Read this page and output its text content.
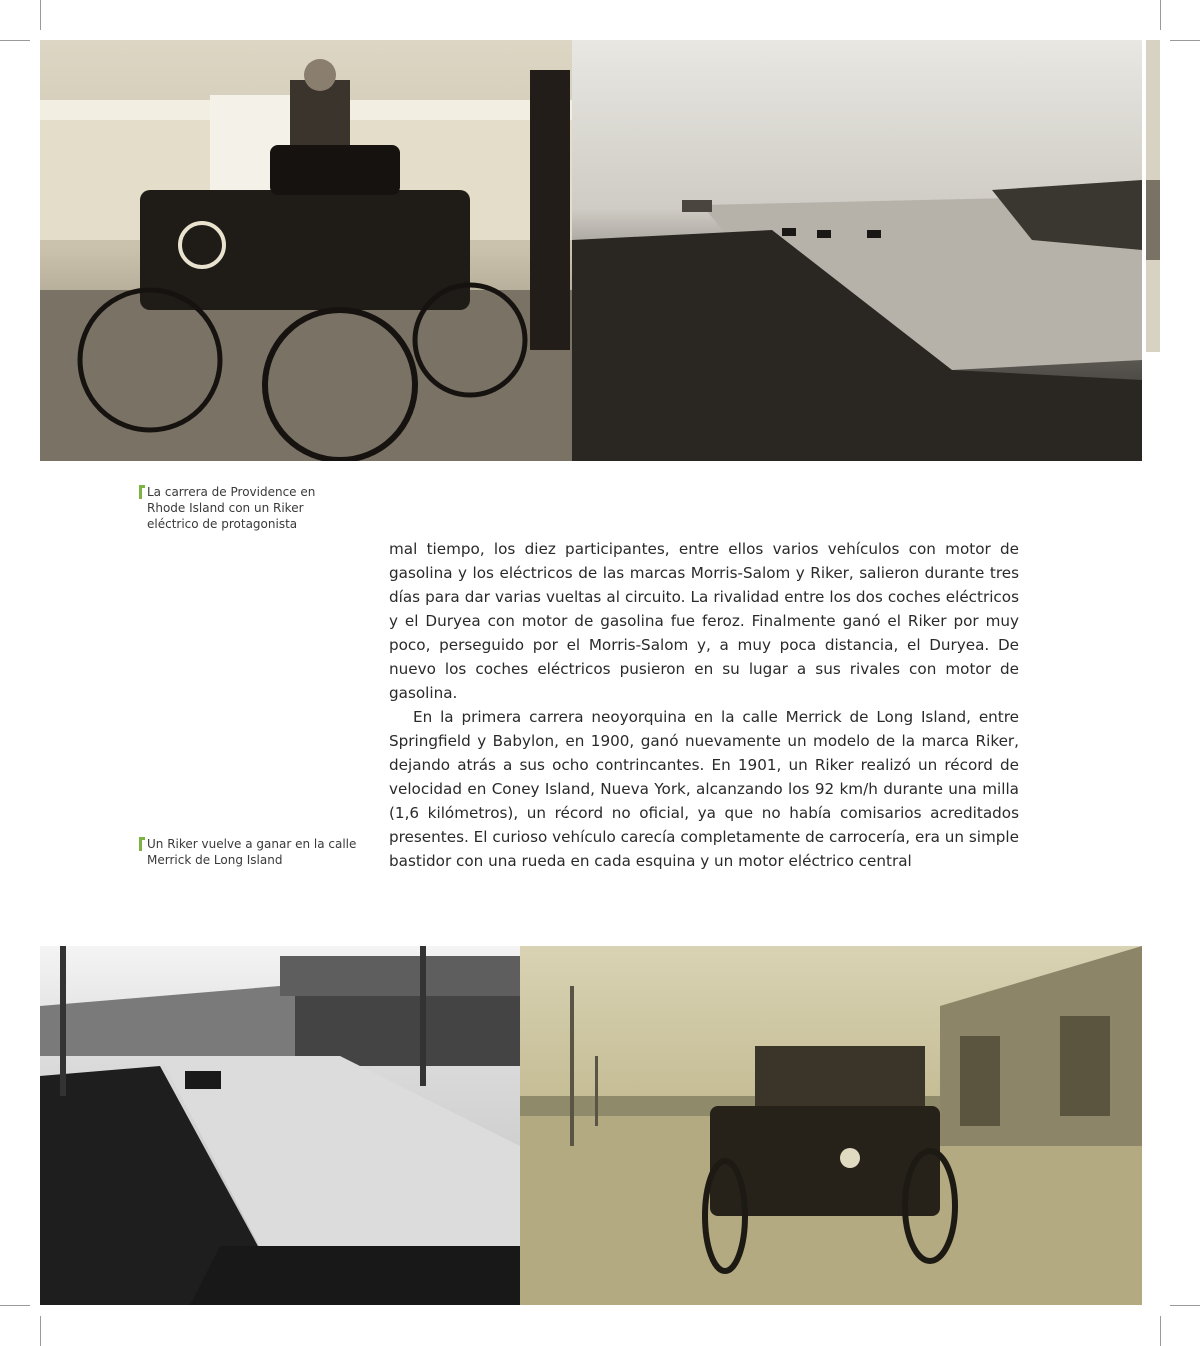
La carrera de Providence en
Rhode Island con un Riker
eléctrico de protagonista
Un Riker vuelve a ganar en la calle
Merrick de Long Island

mal tiempo, los diez participantes, entre ellos varios vehículos con motor de gasolina y los eléctricos de las marcas Morris-Salom y Riker, salieron durante tres días para dar varias vueltas al circuito. La rivalidad entre los dos coches eléctricos y el Duryea con motor de gasolina fue feroz. Finalmente ganó el Riker por muy poco, perseguido por el Morris-Salom y, a muy poca distancia, el Duryea. De nuevo los coches eléctricos pusieron en su lugar a sus rivales con motor de gasolina.

En la primera carrera neoyorquina en la calle Merrick de Long Island, entre Springfield y Babylon, en 1900, ganó nuevamente un modelo de la marca Riker, dejando atrás a sus ocho contrincantes. En 1901, un Riker realizó un récord de velocidad en Coney Island, Nueva York, alcanzando los 92 km/h durante una milla (1,6 kilómetros), un récord no oficial, ya que no había comisarios acreditados presentes. El curioso vehículo carecía completamente de carrocería, era un simple bastidor con una rueda en cada esquina y un motor eléctrico central
